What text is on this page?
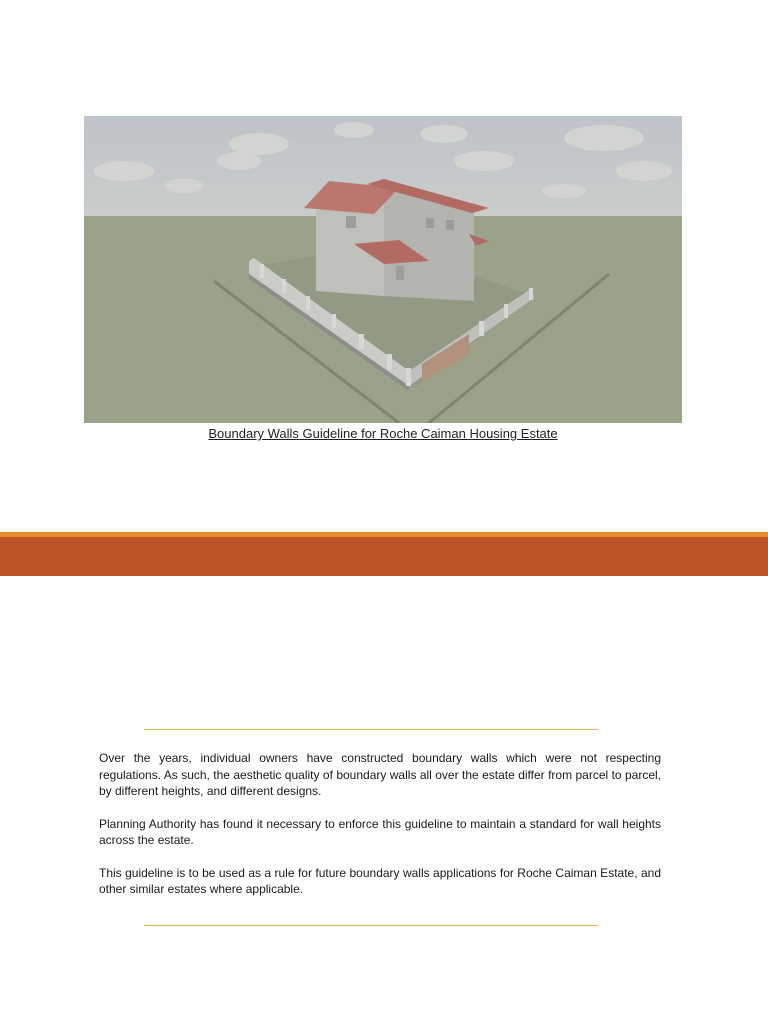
Boundary Walls Guideline for Roche Caiman Housing Estate

Over the years, individual owners have constructed boundary walls which were not respecting regulations. As such, the aesthetic quality of boundary walls all over the estate differ from parcel to parcel, by different heights, and different designs.

Planning Authority has found it necessary to enforce this guideline to maintain a standard for wall heights across the estate.

This guideline is to be used as a rule for future boundary walls applications for Roche Caiman Estate, and other similar estates where applicable.
